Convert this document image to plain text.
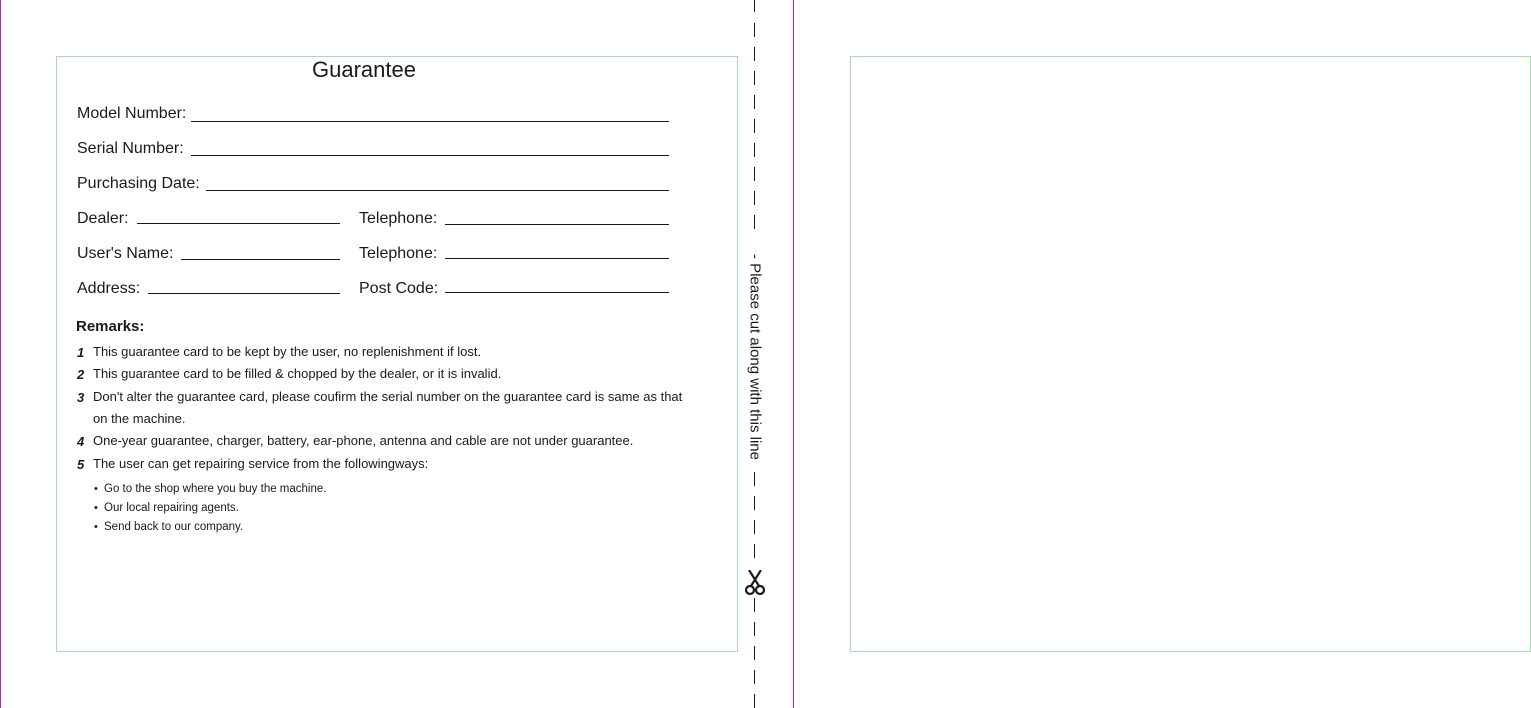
Guarantee
Model Number:
Serial Number:
Purchasing Date:
Dealer:	Telephone:
User's Name:	Telephone:
Address:	Post Code:
Remarks:
1 This guarantee card to be kept by the user, no replenishment if lost.
2 This guarantee card to be filled & chopped by the dealer, or it is invalid.
3 Don't alter the guarantee card, please coufirm the serial number on the guarantee card is same as that on the machine.
4 One-year guarantee, charger, battery, ear-phone, antenna and cable are not under guarantee.
5 The user can get repairing service from the followingways:
• Go to the shop where you buy the machine.
• Our local repairing agents.
• Send back to our company.
- Please cut along with this line
